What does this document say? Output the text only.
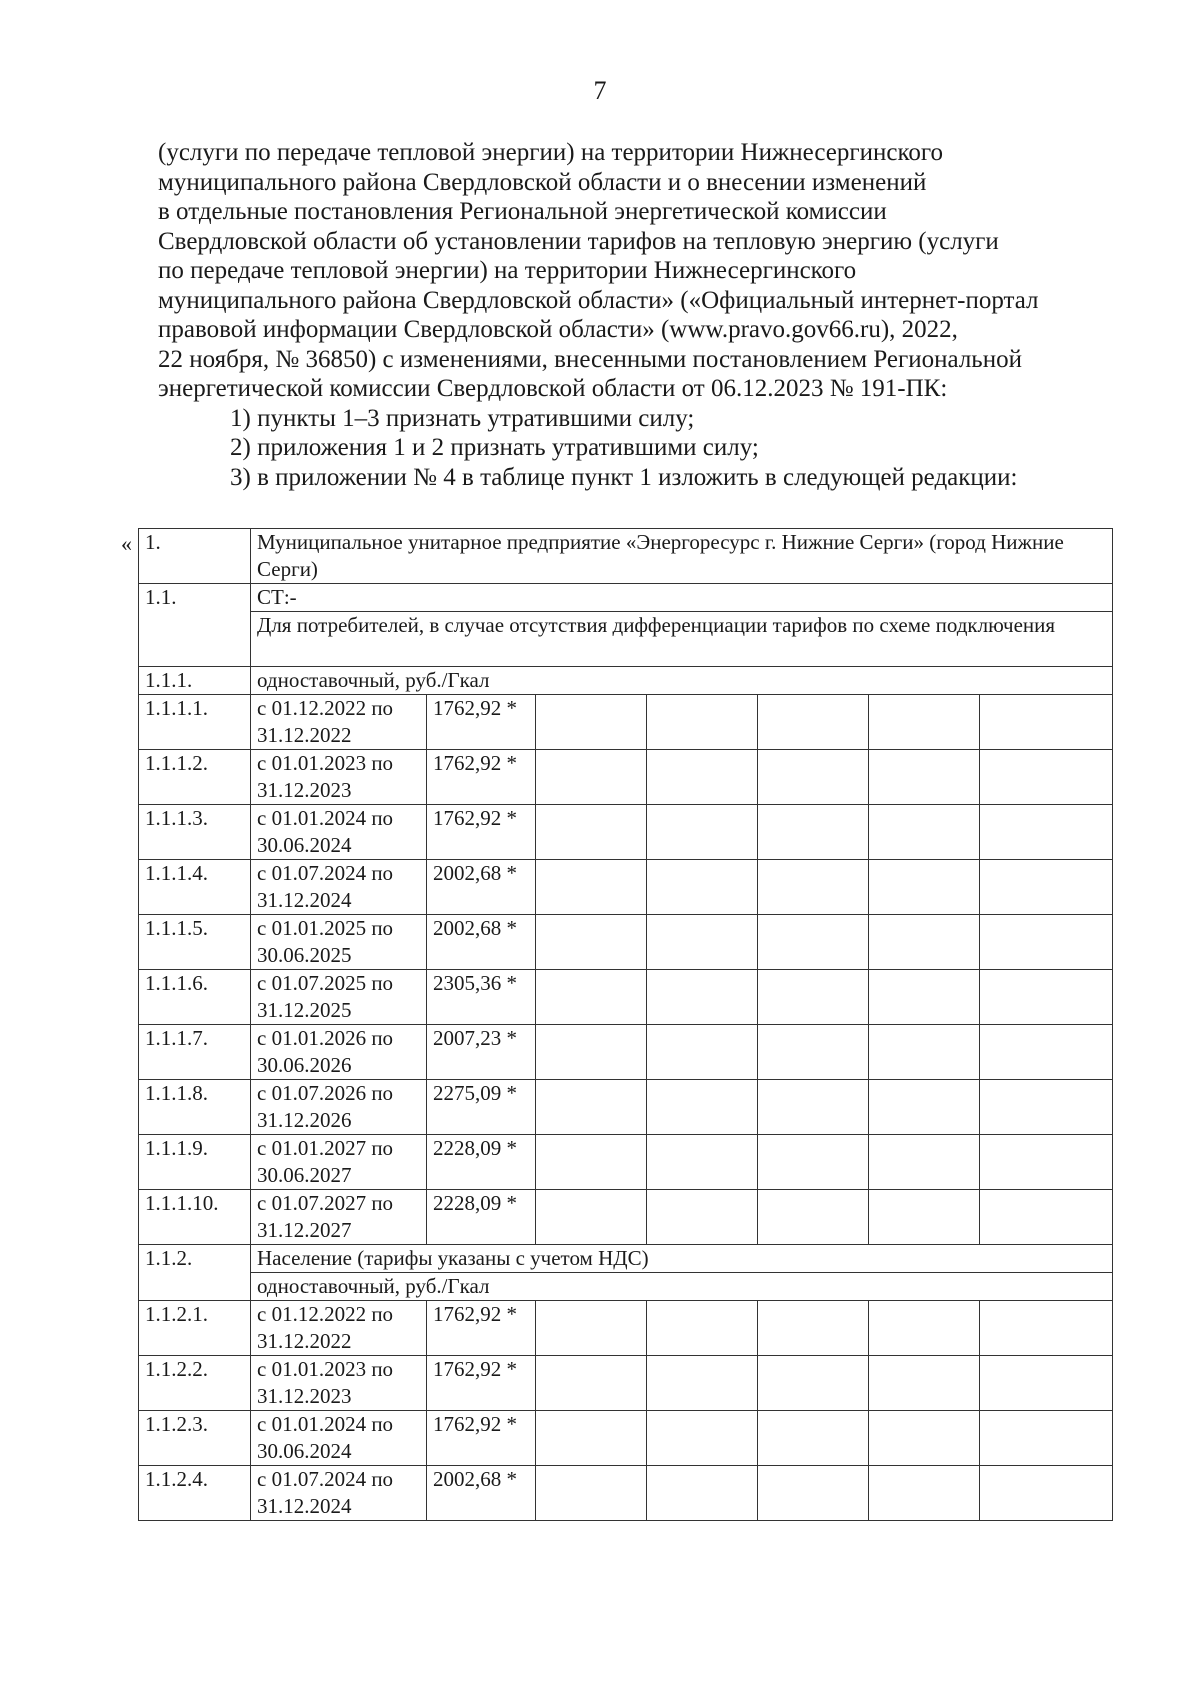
7

(услуги по передаче тепловой энергии) на территории Нижнесергинского

муниципального района Свердловской области и о внесении изменений

в отдельные постановления Региональной энергетической комиссии

Свердловской области об установлении тарифов на тепловую энергию (услуги

по передаче тепловой энергии) на территории Нижнесергинского

муниципального района Свердловской области» («Официальный интернет-портал

правовой информации Свердловской области» (www.pravo.gov66.ru), 2022,

22 ноября, № 36850) с изменениями, внесенными постановлением Региональной

энергетической комиссии Свердловской области от 06.12.2023 № 191-ПК:

1) пункты 1–3 признать утратившими силу;

2) приложения 1 и 2 признать утратившими силу;

3) в приложении № 4 в таблице пункт 1 изложить в следующей редакции:

« 1.	Муниципальное унитарное предприятие «Энергоресурс г. Нижние Серги» (город Нижние Серги)						
1.1.	СТ:-						
	Для потребителей, в случае отсутствия дифференциации тарифов по схеме подключения						
1.1.1.	одноставочный, руб./Гкал						
1.1.1.1.	с 01.12.2022 по 31.12.2022	1762,92 *					
1.1.1.2.	с 01.01.2023 по 31.12.2023	1762,92 *					
1.1.1.3.	с 01.01.2024 по 30.06.2024	1762,92 *					
1.1.1.4.	с 01.07.2024 по 31.12.2024	2002,68 *					
1.1.1.5.	с 01.01.2025 по 30.06.2025	2002,68 *					
1.1.1.6.	с 01.07.2025 по 31.12.2025	2305,36 *					
1.1.1.7.	с 01.01.2026 по 30.06.2026	2007,23 *					
1.1.1.8.	с 01.07.2026 по 31.12.2026	2275,09 *					
1.1.1.9.	с 01.01.2027 по 30.06.2027	2228,09 *					
1.1.1.10.	с 01.07.2027 по 31.12.2027	2228,09 *					
1.1.2.	Население (тарифы указаны с учетом НДС)						
	одноставочный, руб./Гкал						
1.1.2.1.	с 01.12.2022 по 31.12.2022	1762,92 *					
1.1.2.2.	с 01.01.2023 по 31.12.2023	1762,92 *					
1.1.2.3.	с 01.01.2024 по 30.06.2024	1762,92 *					
1.1.2.4.	с 01.07.2024 по 31.12.2024	2002,68 *					
